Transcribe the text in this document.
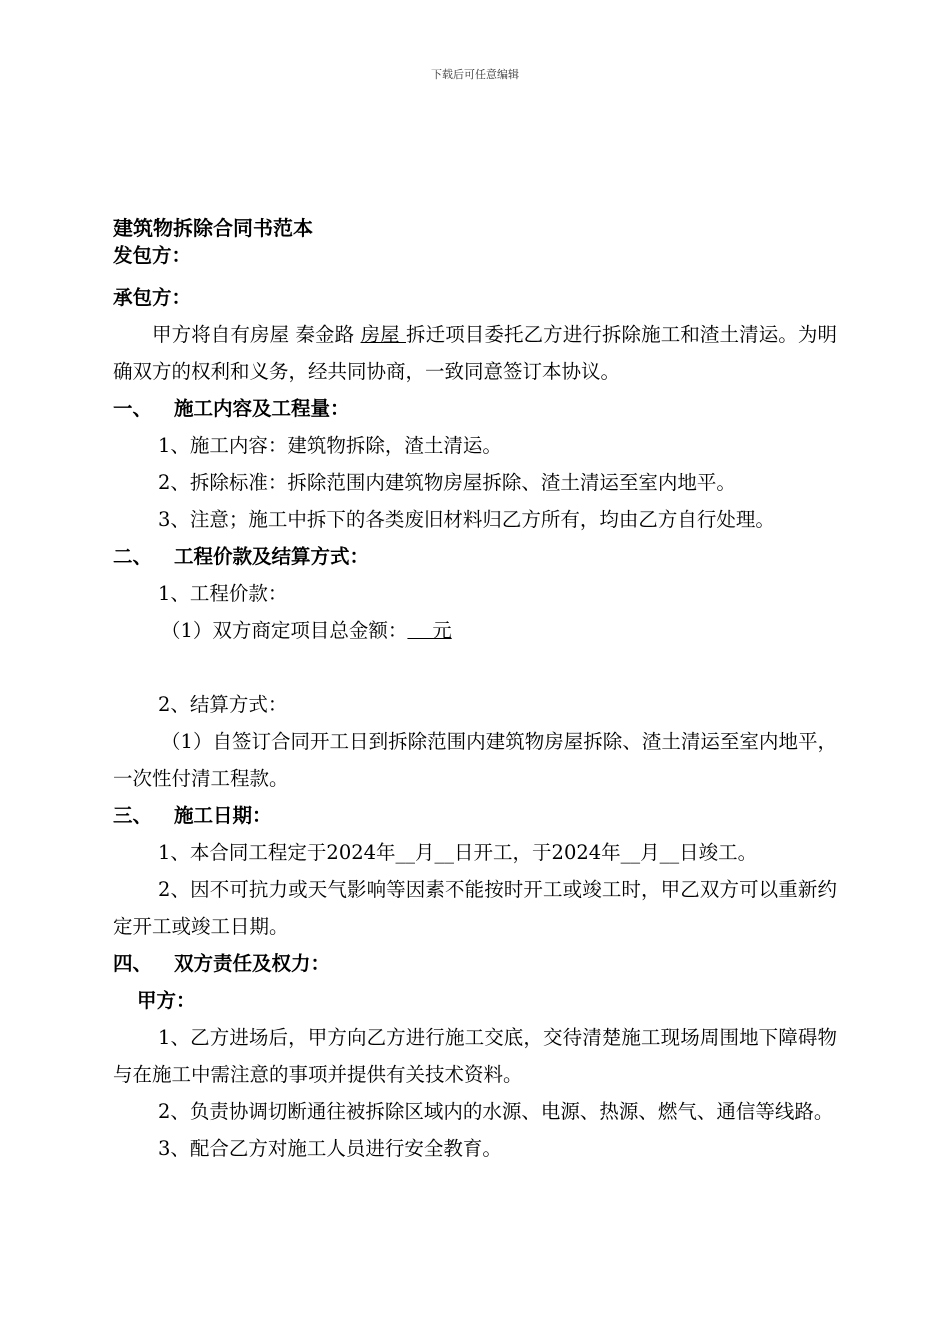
下载后可任意编辑
建筑物拆除合同书范本
发包方：
承包方：
甲方将自有房屋 秦金路 房屋 拆迁项目委托乙方进行拆除施工和渣土清运。为明确双方的权利和义务，经共同协商，一致同意签订本协议。
一、 施工内容及工程量：
1、施工内容：建筑物拆除，渣土清运。
2、拆除标准：拆除范围内建筑物房屋拆除、渣土清运至室内地平。
3、注意；施工中拆下的各类废旧材料归乙方所有，均由乙方自行处理。
二、 工程价款及结算方式：
1、工程价款：
（1）双方商定项目总金额：    元
2、结算方式：
（1）自签订合同开工日到拆除范围内建筑物房屋拆除、渣土清运至室内地平，一次性付清工程款。
三、 施工日期：
1、本合同工程定于2024年__月__日开工，于2024年__月__日竣工。
2、因不可抗力或天气影响等因素不能按时开工或竣工时，甲乙双方可以重新约定开工或竣工日期。
四、 双方责任及权力：
甲方：
1、乙方进场后，甲方向乙方进行施工交底，交待清楚施工现场周围地下障碍物与在施工中需注意的事项并提供有关技术资料。
2、负责协调切断通往被拆除区域内的水源、电源、热源、燃气、通信等线路。
3、配合乙方对施工人员进行安全教育。
